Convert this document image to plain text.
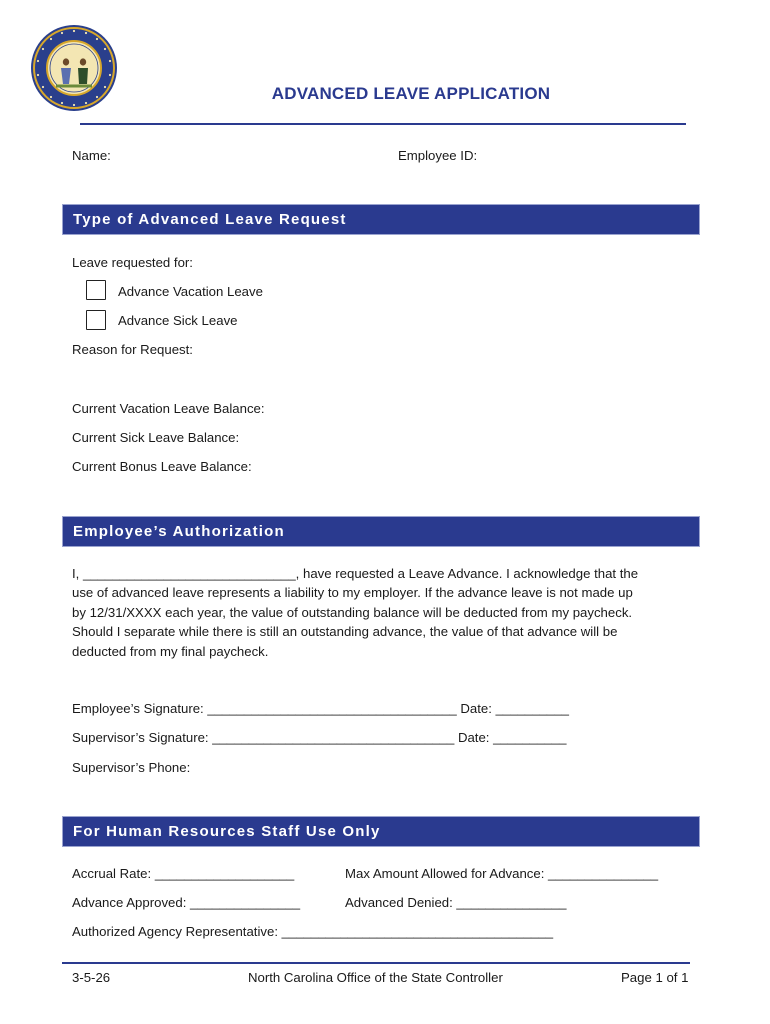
ADVANCED LEAVE APPLICATION
Name:	Employee ID:
Type of Advanced Leave Request
Leave requested for:
Advance Vacation Leave
Advance Sick Leave
Reason for Request:
Current Vacation Leave Balance:
Current Sick Leave Balance:
Current Bonus Leave Balance:
Employee’s Authorization
I, _____________________________, have requested a Leave Advance. I acknowledge that the
use of advanced leave represents a liability to my employer. If the advance leave is not made up
by 12/31/XXXX each year, the value of outstanding balance will be deducted from my paycheck.
Should I separate while there is still an outstanding advance, the value of that advance will be
deducted from my final paycheck.
Employee’s Signature: __________________________________ Date: __________
Supervisor’s Signature: _________________________________ Date: __________
Supervisor’s Phone:
For Human Resources Staff Use Only
Accrual Rate: ___________________	Max Amount Allowed for Advance: _______________
Advance Approved: _______________	Advanced Denied: _______________
Authorized Agency Representative: _____________________________________
3-5-26	North Carolina Office of the State Controller	Page 1 of 1
